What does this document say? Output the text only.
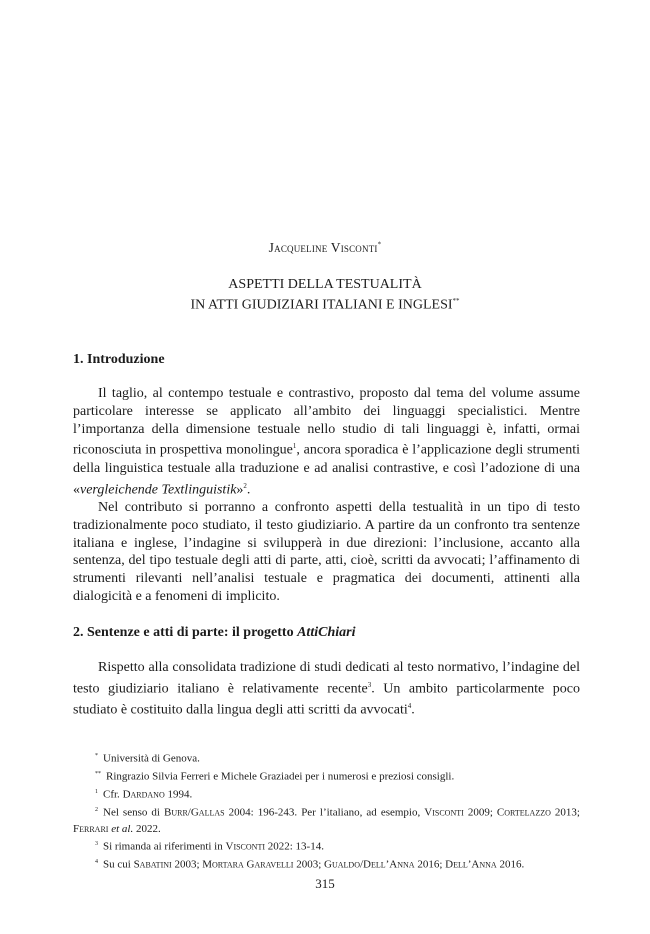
Jacqueline Visconti*
ASPETTI DELLA TESTUALITÀ
IN ATTI GIUDIZIARI ITALIANI E INGLESI**
1. Introduzione

Il taglio, al contempo testuale e contrastivo, proposto dal tema del volume assume particolare interesse se applicato all’ambito dei linguaggi specialistici. Mentre l’importanza della dimensione testuale nello studio di tali linguaggi è, infatti, ormai riconosciuta in prospettiva monolingue$^1$, ancora sporadica è l’applicazione degli strumenti della linguistica testuale alla traduzione e ad analisi contrastive, e così l’adozione di una «vergleichende Textlinguistik»$^2$.

Nel contributo si porranno a confronto aspetti della testualità in un tipo di testo tradizionalmente poco studiato, il testo giudiziario. A partire da un confronto tra sentenze italiana e inglese, l’indagine si svilupperà in due direzioni: l’inclusione, accanto alla sentenza, del tipo testuale degli atti di parte, atti, cioè, scritti da avvocati; l’affinamento di strumenti rilevanti nell’analisi testuale e pragmatica dei documenti, attinenti alla dialogicità e a fenomeni di implicito.

2. Sentenze e atti di parte: il progetto AttiChiari

Rispetto alla consolidata tradizione di studi dedicati al testo normativo, l’indagine del testo giudiziario italiano è relativamente recente$^3$. Un ambito particolarmente poco studiato è costituito dalla lingua degli atti scritti da avvocati$^4$.

* Università di Genova.
** Ringrazio Silvia Ferreri e Michele Graziadei per i numerosi e preziosi consigli.
$^1$ Cfr. Dardano 1994.
$^2$ Nel senso di Burr/Gallas 2004: 196-243. Per l’italiano, ad esempio, Visconti 2009; Cortelazzo 2013; Ferrari et al. 2022.
$^3$ Si rimanda ai riferimenti in Visconti 2022: 13-14.
$^4$ Su cui Sabatini 2003; Mortara Garavelli 2003; Gualdo/Dell’Anna 2016; Dell’Anna 2016.
315
